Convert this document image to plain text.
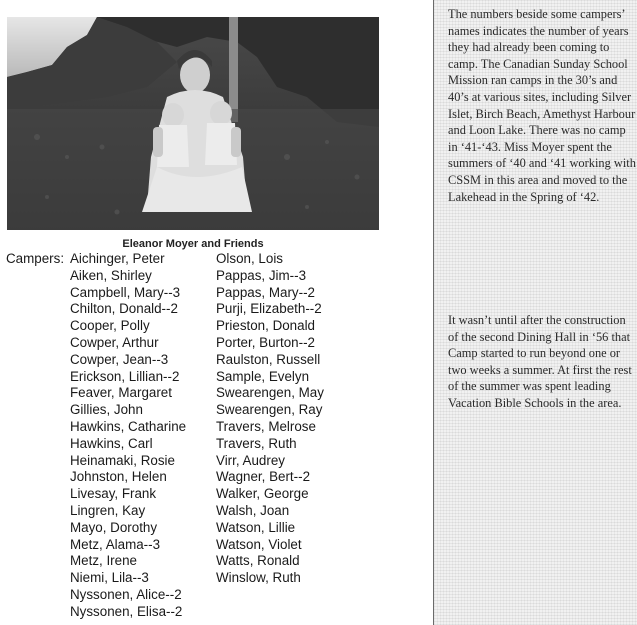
Eleanor Moyer and Friends
Campers: Aichinger, Peter
Aiken, Shirley
Campbell, Mary--3
Chilton, Donald--2
Cooper, Polly
Cowper, Arthur
Cowper, Jean--3
Erickson, Lillian--2
Feaver, Margaret
Gillies, John
Hawkins, Catharine
Hawkins, Carl
Heinamaki, Rosie
Johnston, Helen
Livesay, Frank
Lingren, Kay
Mayo, Dorothy
Metz, Alama--3
Metz, Irene
Niemi, Lila--3
Nyssonen, Alice--2
Nyssonen, Elisa--2
Olson, Lois
Pappas, Jim--3
Pappas, Mary--2
Purji, Elizabeth--2
Prieston, Donald
Porter, Burton--2
Raulston, Russell
Sample, Evelyn
Swearengen, May
Swearengen, Ray
Travers, Melrose
Travers, Ruth
Virr, Audrey
Wagner, Bert--2
Walker, George
Walsh, Joan
Watson, Lillie
Watson, Violet
Watts, Ronald
Winslow, Ruth

The numbers beside some campers’ names indicates the number of years they had already been coming to camp. The Canadian Sunday School Mission ran camps in the 30’s and 40’s at various sites, including Silver Islet, Birch Beach, Amethyst Harbour and Loon Lake. There was no camp in ‘41-‘43. Miss Moyer spent the summers of ‘40 and ‘41 working with CSSM in this area and moved to the Lakehead in the Spring of ‘42.

It wasn’t until after the construction of the second Dining Hall in ‘56 that Camp started to run beyond one or two weeks a summer. At first the rest of the summer was spent leading Vacation Bible Schools in the area.
